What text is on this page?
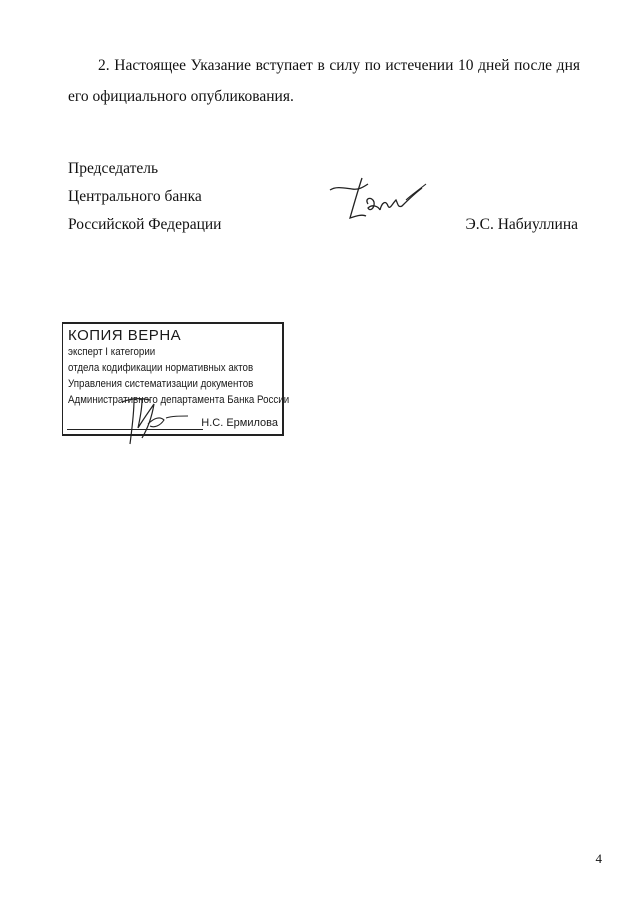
2. Настоящее Указание вступает в силу по истечении 10 дней после дня
его официального опубликования.

Председатель
Центрального банка
Российской Федерации	Э.С. Набиуллина
КОПИЯ ВЕРНА
эксперт I категории
отдела кодификации нормативных актов
Управления систематизации документов
Административного департамента Банка России
Н.С. Ермилова
4
